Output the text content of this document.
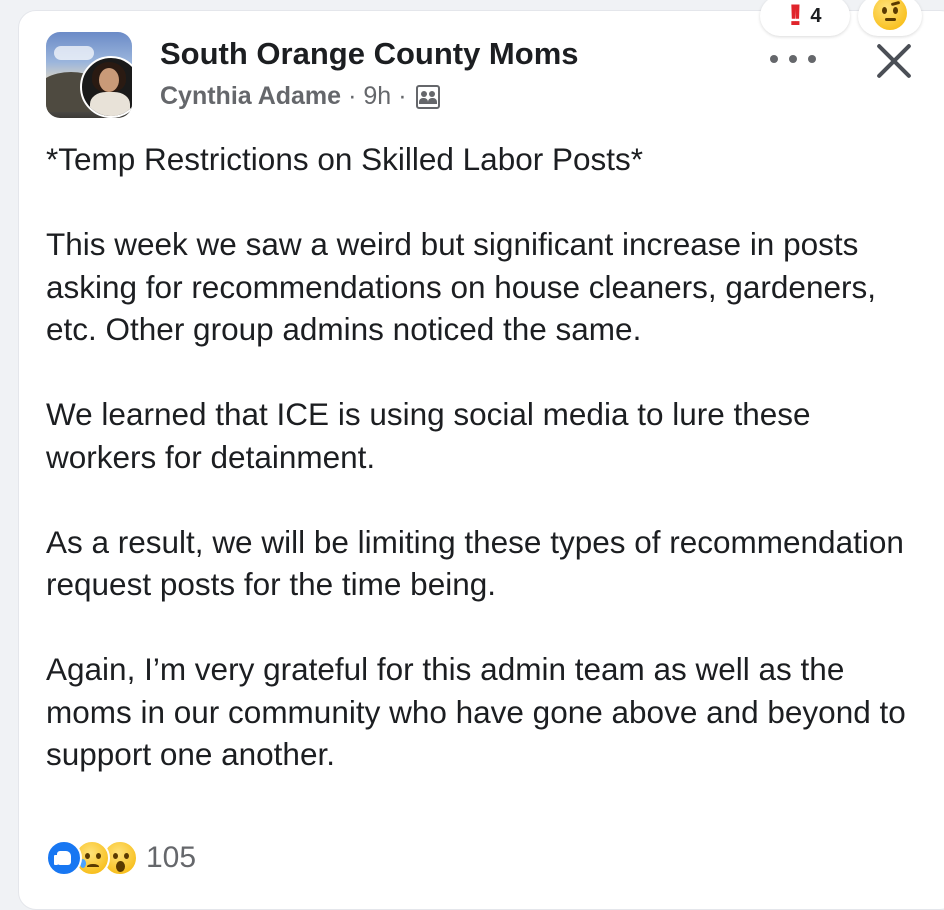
!! 4
South Orange County Moms
Cynthia Adame · 9h ·

*Temp Restrictions on Skilled Labor Posts*

This week we saw a weird but significant increase in posts asking for recommendations on house cleaners, gardeners, etc. Other group admins noticed the same.

We learned that ICE is using social media to lure these workers for detainment.

As a result, we will be limiting these types of recommendation request posts for the time being.

Again, I’m very grateful for this admin team as well as the moms in our community who have gone above and beyond to support one another.

105
